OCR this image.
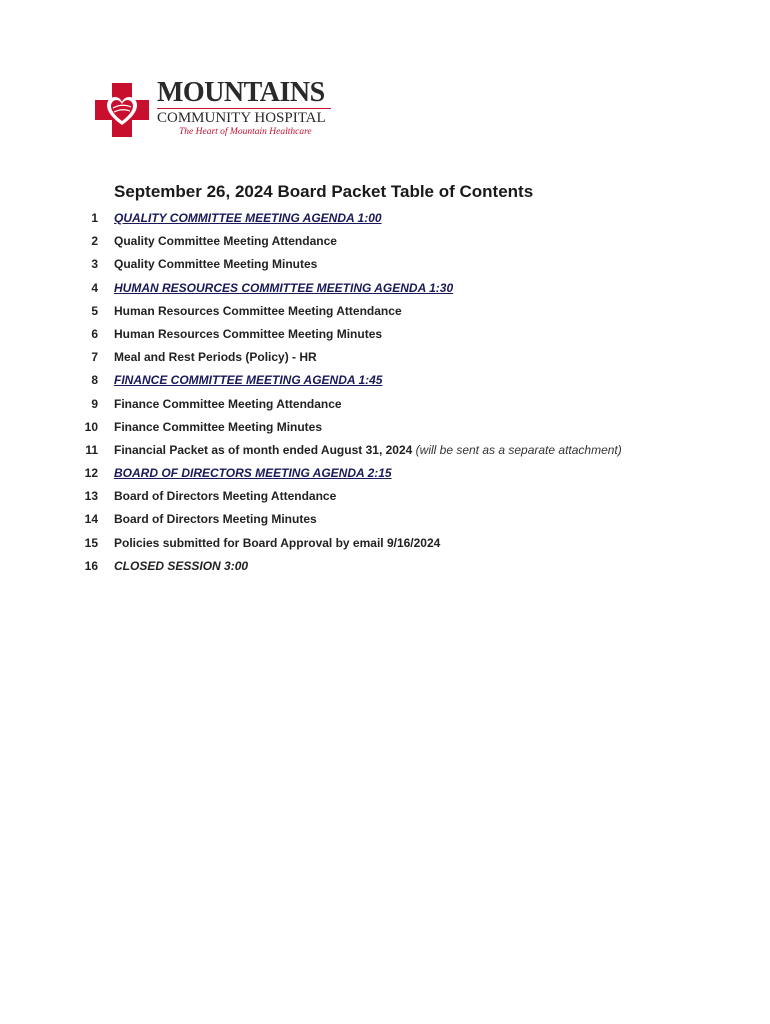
MOUNTAINS
COMMUNITY HOSPITAL
The Heart of Mountain Healthcare
September 26, 2024 Board Packet Table of Contents
1 QUALITY COMMITTEE MEETING AGENDA 1:00
2 Quality Committee Meeting Attendance
3 Quality Committee Meeting Minutes
4 HUMAN RESOURCES COMMITTEE MEETING AGENDA 1:30
5 Human Resources Committee Meeting Attendance
6 Human Resources Committee Meeting Minutes
7 Meal and Rest Periods (Policy) - HR
8 FINANCE COMMITTEE MEETING AGENDA 1:45
9 Finance Committee Meeting Attendance
10 Finance Committee Meeting Minutes
11 Financial Packet as of month ended August 31, 2024 (will be sent as a separate attachment)
12 BOARD OF DIRECTORS MEETING AGENDA 2:15
13 Board of Directors Meeting Attendance
14 Board of Directors Meeting Minutes
15 Policies submitted for Board Approval by email 9/16/2024
16 CLOSED SESSION 3:00
